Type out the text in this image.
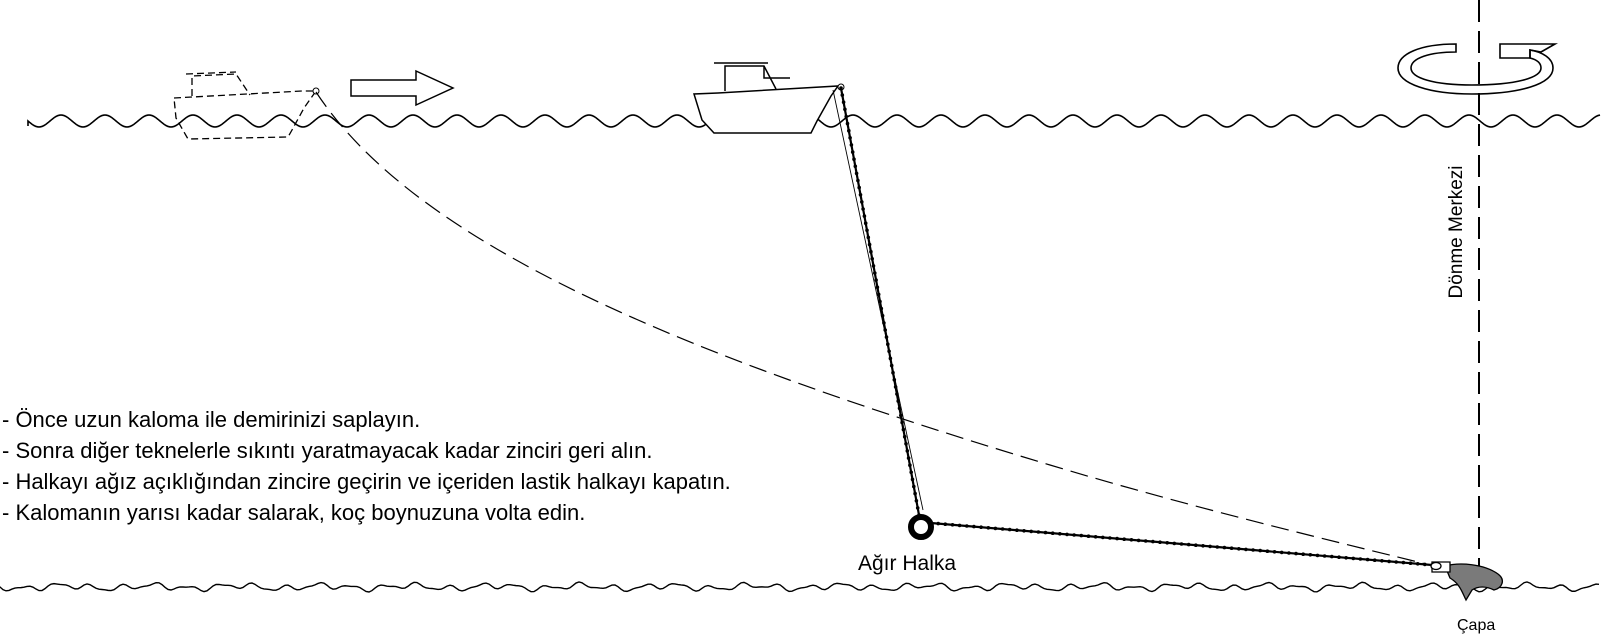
- Önce uzun kaloma ile demirinizi saplayın.
- Sonra diğer teknelerle sıkıntı yaratmayacak kadar zinciri geri alın.
- Halkayı ağız açıklığından zincire geçirin ve içeriden lastik halkayı kapatın.
- Kalomanın yarısı kadar salarak, koç boynuzuna volta edin.
Ağır Halka
Çapa
Dönme Merkezi
